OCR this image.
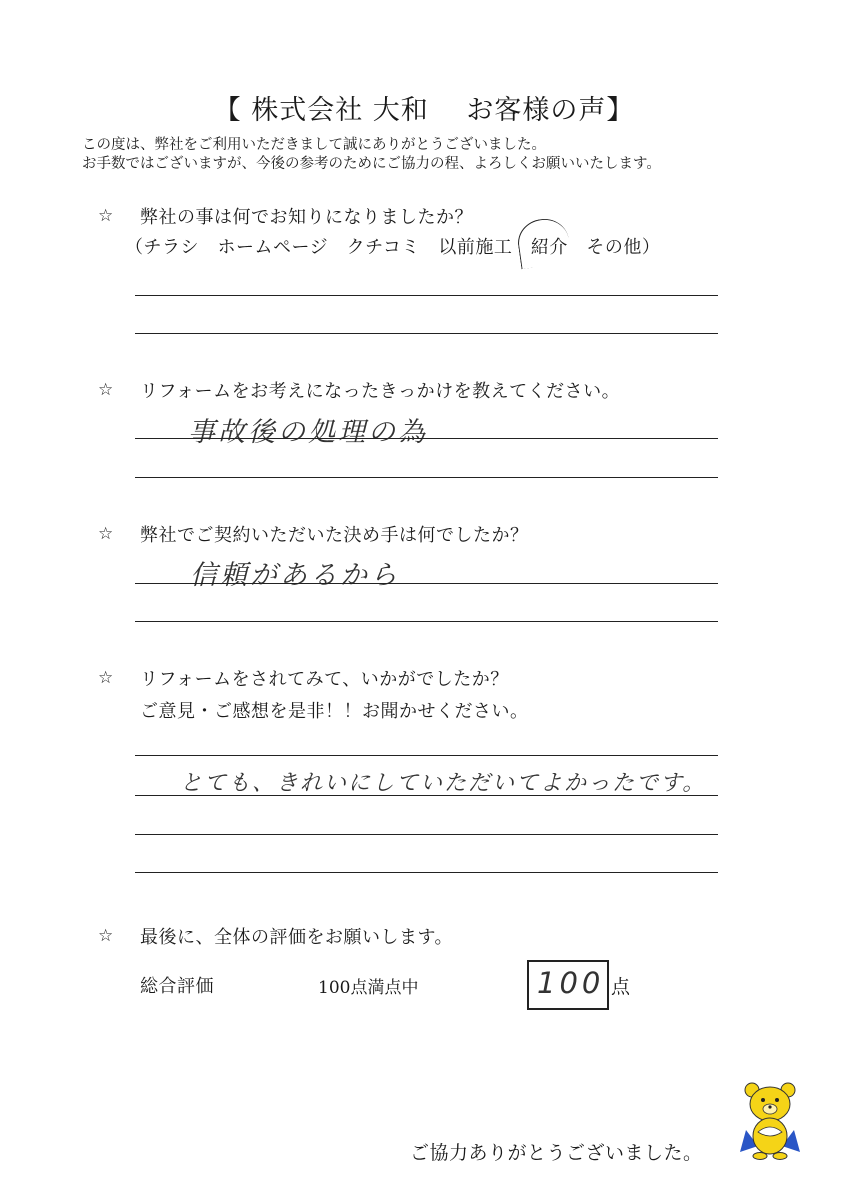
【 株式会社 大和　 お客様の声】
この度は、弊社をご利用いただきまして誠にありがとうございました。
お手数ではございますが、今後の参考のためにご協力の程、よろしくお願いいたします。
☆ 弊社の事は何でお知りになりましたか？
（チラシ　ホームページ　クチコミ　以前施工　紹介　その他）
☆ リフォームをお考えになったきっかけを教えてください。
事故後の処理の為
☆ 弊社でご契約いただいた決め手は何でしたか？
信頼があるから
☆ リフォームをされてみて、いかがでしたか？
ご意見・ご感想を是非！！お聞かせください。
とても、きれいにしていただいてよかったです。
☆ 最後に、全体の評価をお願いします。
総合評価	100点満点中	100 点
ご協力ありがとうございました。
